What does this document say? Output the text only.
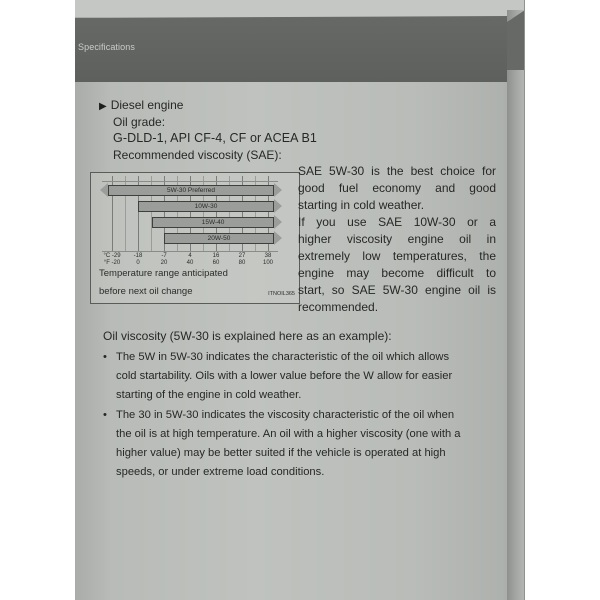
Specifications
▶ Diesel engine
Oil grade:
G-DLD-1, API CF-4, CF or ACEA B1
Recommended viscosity (SAE):
5W-30 Preferred
10W-30
15W-40
20W-50
Temperature range anticipated
before next oil change	ITNOIL365
°C -29	-18	-7	4	16	27	38
°F -20	0	20	40	60	80	100

SAE 5W-30 is the best choice for

good fuel economy and good

starting in cold weather.

If you use SAE 10W-30 or a

higher viscosity engine oil in

extremely low temperatures, the

engine may become difficult to

start, so SAE 5W-30 engine oil is

recommended.

Oil viscosity (5W-30 is explained here as an example):
• The 5W in 5W-30 indicates the characteristic of the oil which allows
cold startability. Oils with a lower value before the W allow for easier
starting of the engine in cold weather.
• The 30 in 5W-30 indicates the viscosity characteristic of the oil when
the oil is at high temperature. An oil with a higher viscosity (one with a
higher value) may be better suited if the vehicle is operated at high
speeds, or under extreme load conditions.
